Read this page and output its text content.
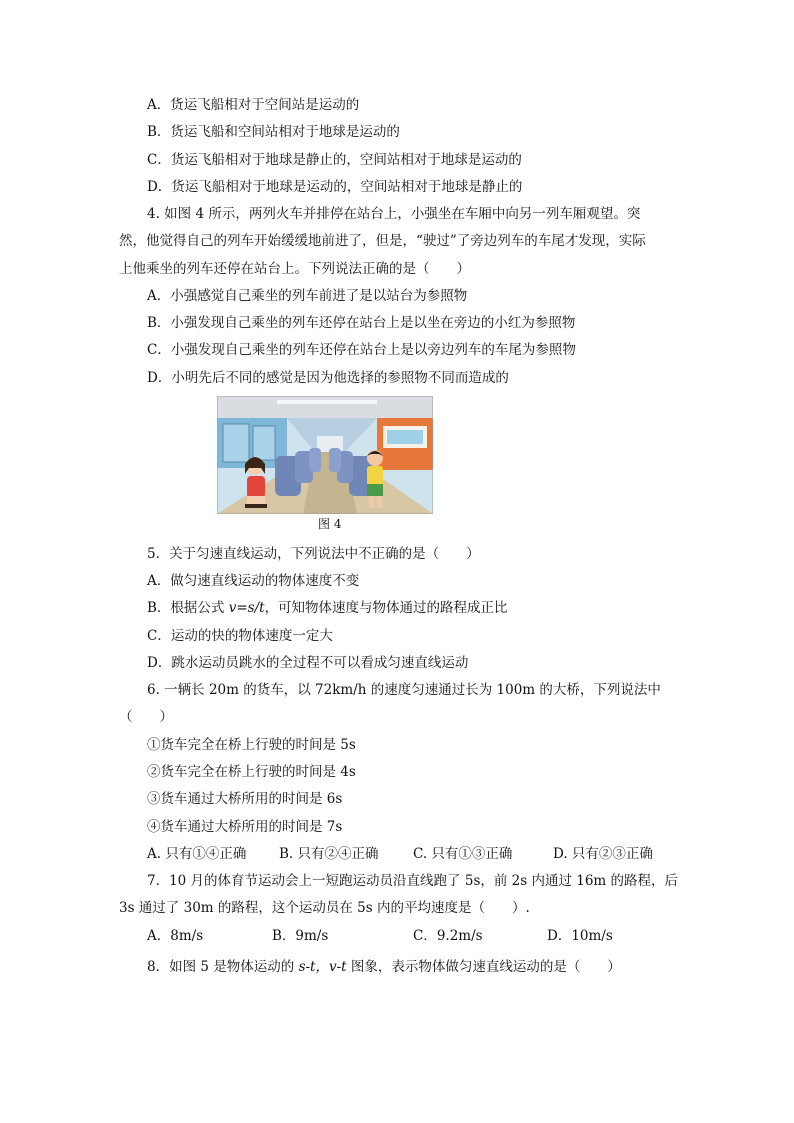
A．货运飞船相对于空间站是运动的
B．货运飞船和空间站相对于地球是运动的
C．货运飞船相对于地球是静止的，空间站相对于地球是运动的
D．货运飞船相对于地球是运动的，空间站相对于地球是静止的
4. 如图 4 所示，两列火车并排停在站台上，小强坐在车厢中向另一列车厢观望。突
然，他觉得自己的列车开始缓缓地前进了，但是，“驶过”了旁边列车的车尾才发现，实际
上他乘坐的列车还停在站台上。下列说法正确的是（　　）
A．小强感觉自己乘坐的列车前进了是以站台为参照物
B．小强发现自己乘坐的列车还停在站台上是以坐在旁边的小红为参照物
C．小强发现自己乘坐的列车还停在站台上是以旁边列车的车尾为参照物
D．小明先后不同的感觉是因为他选择的参照物不同而造成的
图 4
5．关于匀速直线运动，下列说法中不正确的是（　　）
A．做匀速直线运动的物体速度不变
B．根据公式 v=s/t，可知物体速度与物体通过的路程成正比
C．运动的快的物体速度一定大
D．跳水运动员跳水的全过程不可以看成匀速直线运动
6. 一辆长 20m 的货车，以 72km/h 的速度匀速通过长为 100m 的大桥，下列说法中
（　　）
①货车完全在桥上行驶的时间是 5s
②货车完全在桥上行驶的时间是 4s
③货车通过大桥所用的时间是 6s
④货车通过大桥所用的时间是 7s
A. 只有①④正确 B. 只有②④正确	C. 只有①③正确	D. 只有②③正确
7．10 月的体育节运动会上一短跑运动员沿直线跑了 5s，前 2s 内通过 16m 的路程，后
3s 通过了 30m 的路程，这个运动员在 5s 内的平均速度是（　　）.
A．8m/s	B．9m/s	C．9.2m/s	D．10m/s
8．如图 5 是物体运动的 s-t，v-t 图象，表示物体做匀速直线运动的是（　　）
